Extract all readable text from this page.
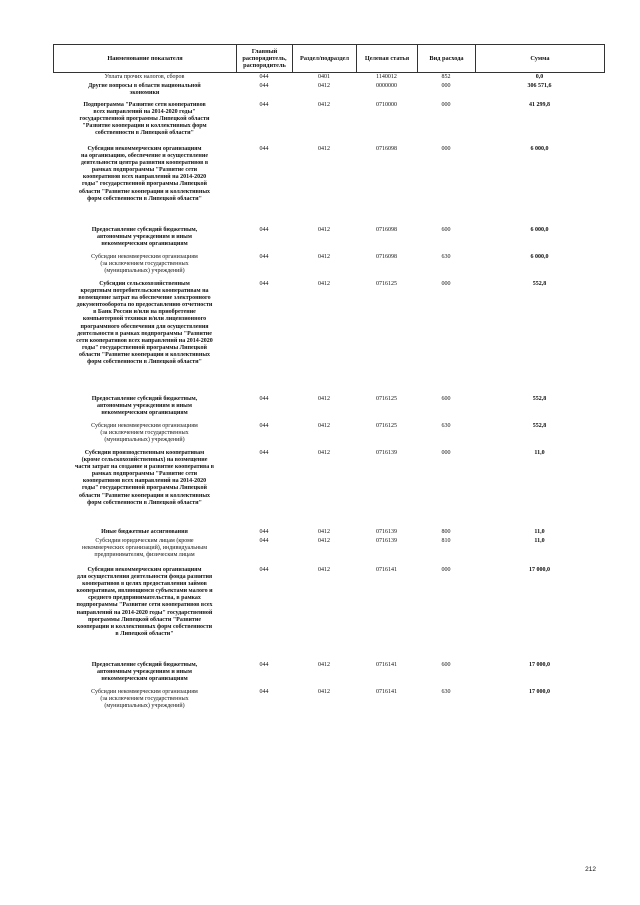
Наименование показателя	Главный распорядитель, распорядитель	Раздел/подраздел	Целевая статья	Вид расхода	Сумма
Уплата прочих налогов, сборов	044	0401	1140012	852	0,0
Другие вопросы в области национальной
экономики
044	0412	0000000	000	306 571,6
Подпрограмма "Развитие сети кооперативов
всех направлений на 2014-2020 годы"
государственной программы Липецкой области
"Развитие кооперации и коллективных форм
собственности в Липецкой области"
044	0412	0710000	000	41 299,8
Субсидии некоммерческим организациям
на организацию, обеспечение и осуществление
деятельности центра развития кооперативов в
рамках подпрограммы "Развитие сети
кооперативов всех направлений на 2014-2020
годы" государственной программы Липецкой
области "Развитие кооперации и коллективных
форм собственности в Липецкой области"
044	0412	0716098	000	6 000,0
Предоставление субсидий бюджетным,
автономным учреждениям и иным
некоммерческим организациям
044	0412	0716098	600	6 000,0
Субсидии некоммерческим организациям
(за исключением государственных
(муниципальных) учреждений)
044	0412	0716098	630	6 000,0
Субсидии сельскохозяйственным
кредитным потребительским кооперативам на
возмещение затрат на обеспечение электронного
документооборота по предоставлению отчетности
в Банк России и/или на приобретение
компьютерной техники и/или лицензионного
программного обеспечения для осуществления
деятельности в рамках подпрограммы "Развитие
сети кооперативов всех направлений на 2014-2020
годы" государственной программы Липецкой
области "Развитие кооперации и коллективных
форм собственности в Липецкой области"
044	0412	0716125	000	552,8
Предоставление субсидий бюджетным,
автономным учреждениям и иным
некоммерческим организациям
044	0412	0716125	600	552,8
Субсидии некоммерческим организациям
(за исключением государственных
(муниципальных) учреждений)
044	0412	0716125	630	552,8
Субсидии производственным кооперативам
(кроме сельскохозяйственных) на возмещение
части затрат на создание и развитие кооператива в
рамках подпрограммы "Развитие сети
кооперативов всех направлений на 2014-2020
годы" государственной программы Липецкой
области "Развитие кооперации и коллективных
форм собственности в Липецкой области"
044	0412	0716139	000	11,0
Иные бюджетные ассигнования	044	0412	0716139	800	11,0
Субсидии юридическим лицам (кроме
некоммерческих организаций), индивидуальным
предпринимателям, физическим лицам
044	0412	0716139	810	11,0
Субсидии некоммерческим организациям
для осуществления деятельности фонда развития
кооперативов в целях предоставления займов
кооперативам, являющимся субъектами малого и
среднего предпринимательства, в рамках
подпрограммы "Развитие сети кооперативов всех
направлений на 2014-2020 годы" государственной
программы Липецкой области "Развитие
кооперации и коллективных форм собственности
в Липецкой области"
044	0412	0716141	000	17 000,0
Предоставление субсидий бюджетным,
автономным учреждениям и иным
некоммерческим организациям
044	0412	0716141	600	17 000,0
Субсидии некоммерческим организациям
(за исключением государственных
(муниципальных) учреждений)
044	0412	0716141	630	17 000,0
212
